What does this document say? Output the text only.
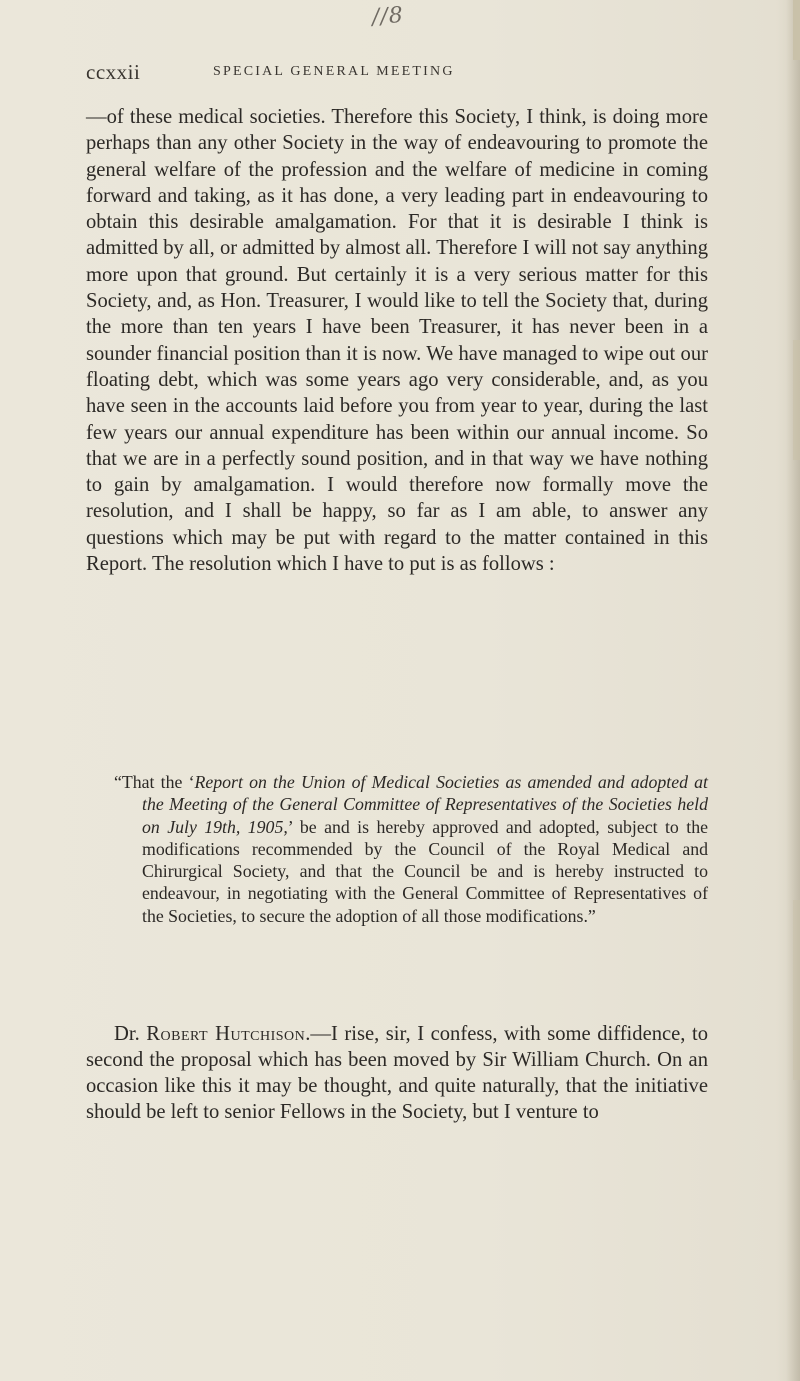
//8
ccxxii	SPECIAL GENERAL MEETING

—of these medical societies. Therefore this Society, I think, is doing more perhaps than any other Society in the way of endeavouring to promote the general welfare of the profession and the welfare of medicine in coming forward and taking, as it has done, a very leading part in endeavouring to obtain this desirable amalgamation. For that it is desirable I think is admitted by all, or admitted by almost all. Therefore I will not say anything more upon that ground. But certainly it is a very serious matter for this Society, and, as Hon. Treasurer, I would like to tell the Society that, during the more than ten years I have been Treasurer, it has never been in a sounder financial position than it is now. We have managed to wipe out our floating debt, which was some years ago very considerable, and, as you have seen in the accounts laid before you from year to year, during the last few years our annual expenditure has been within our annual income. So that we are in a perfectly sound position, and in that way we have nothing to gain by amalgamation. I would therefore now formally move the resolution, and I shall be happy, so far as I am able, to answer any questions which may be put with regard to the matter contained in this Report. The resolution which I have to put is as follows :

“That the ‘Report on the Union of Medical Societies as amended and adopted at the Meeting of the General Committee of Representatives of the Societies held on July 19th, 1905,’ be and is hereby approved and adopted, subject to the modifications recommended by the Council of the Royal Medical and Chirurgical Society, and that the Council be and is hereby instructed to endeavour, in negotiating with the General Committee of Representatives of the Societies, to secure the adoption of all those modifications.”

Dr. Robert Hutchison.—I rise, sir, I confess, with some diffidence, to second the proposal which has been moved by Sir William Church. On an occasion like this it may be thought, and quite naturally, that the initiative should be left to senior Fellows in the Society, but I venture to
